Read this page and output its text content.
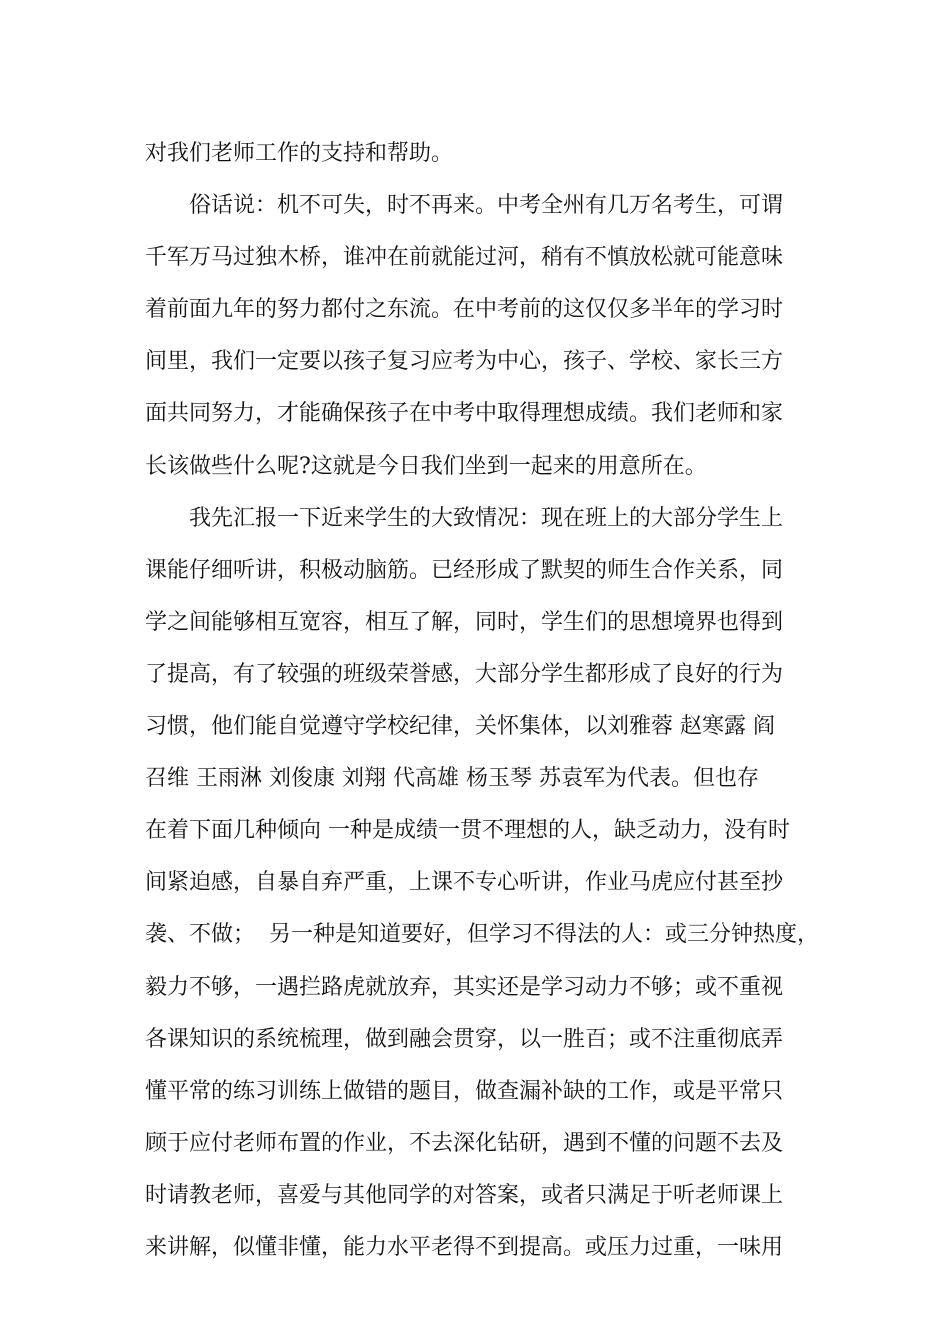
对我们老师工作的支持和帮助。
　　俗话说：机不可失，时不再来。中考全州有几万名考生，可谓
千军万马过独木桥，谁冲在前就能过河，稍有不慎放松就可能意味
着前面九年的努力都付之东流。在中考前的这仅仅多半年的学习时
间里，我们一定要以孩子复习应考为中心，孩子、学校、家长三方
面共同努力，才能确保孩子在中考中取得理想成绩。我们老师和家
长该做些什么呢?这就是今日我们坐到一起来的用意所在。
　　我先汇报一下近来学生的大致情况：现在班上的大部分学生上
课能仔细听讲，积极动脑筋。已经形成了默契的师生合作关系，同
学之间能够相互宽容，相互了解，同时，学生们的思想境界也得到
了提高，有了较强的班级荣誉感，大部分学生都形成了良好的行为
习惯，他们能自觉遵守学校纪律，关怀集体，以刘雅蓉 赵寒露 阎
召维 王雨淋 刘俊康 刘翔 代高雄 杨玉琴 苏袁军为代表。但也存
在着下面几种倾向 一种是成绩一贯不理想的人，缺乏动力，没有时
间紧迫感，自暴自弃严重，上课不专心听讲，作业马虎应付甚至抄
袭、不做；  另一种是知道要好，但学习不得法的人：或三分钟热度，
毅力不够，一遇拦路虎就放弃，其实还是学习动力不够；或不重视
各课知识的系统梳理，做到融会贯穿，以一胜百；或不注重彻底弄
懂平常的练习训练上做错的题目，做查漏补缺的工作，或是平常只
顾于应付老师布置的作业，不去深化钻研，遇到不懂的问题不去及
时请教老师，喜爱与其他同学的对答案，或者只满足于听老师课上
来讲解，似懂非懂，能力水平老得不到提高。或压力过重，一味用
